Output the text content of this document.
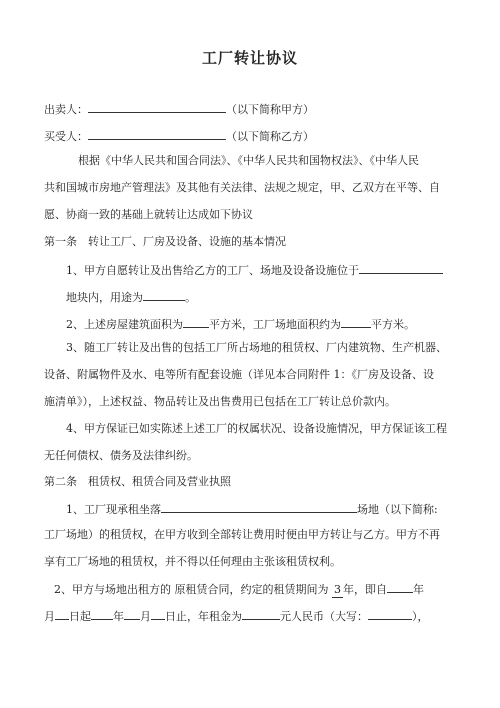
工厂转让协议
出卖人：	（以下简称甲方）
买受人：	（以下简称乙方）
根据《中华人民共和国合同法》、《中华人民共和国物权法》、《中华人民
共和国城市房地产管理法》及其他有关法律、法规之规定，甲、乙双方在平等、自
愿、协商一致的基础上就转让达成如下协议
第一条　转让工厂、厂房及设备、设施的基本情况
1、甲方自愿转让及出售给乙方的工厂、场地及设备设施位于
地块内，用途为	。
2、上述房屋建筑面积为 平方米，工厂场地面积约为	平方米。
3、随工厂转让及出售的包括工厂所占场地的租赁权、厂内建筑物、生产机器、
设备、附属物件及水、电等所有配套设施（详见本合同附件 1：《厂房及设备、设
施清单》），上述权益、物品转让及出售费用已包括在工厂转让总价款内。
4、甲方保证已如实陈述上述工厂的权属状况、设备设施情况，甲方保证该工程
无任何债权、债务及法律纠纷。
第二条　租赁权、租赁合同及营业执照
1、工厂现承租坐落	场地（以下简称:
工厂场地）的租赁权，在甲方收到全部转让费用时便由甲方转让与乙方。甲方不再
享有工厂场地的租赁权，并不得以任何理由主张该租赁权利。
2、甲方与场地出租方的 原租赁合同，约定的租赁期间为 3 年，即自 年
月 日起 年 月 日止，年租金为	元人民币（大写：	），
